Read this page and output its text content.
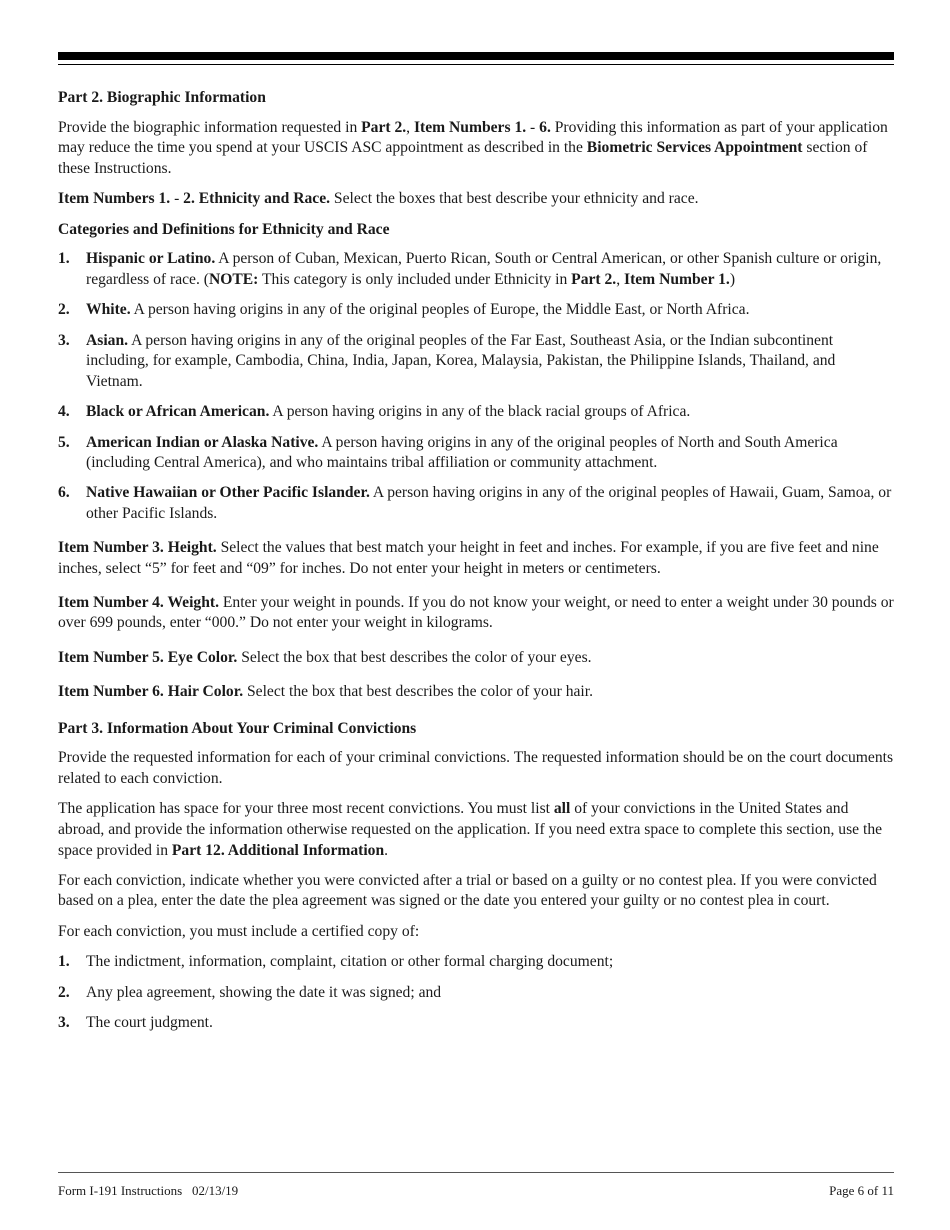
Part 2. Biographic Information
Provide the biographic information requested in Part 2., Item Numbers 1. - 6. Providing this information as part of your application may reduce the time you spend at your USCIS ASC appointment as described in the Biometric Services Appointment section of these Instructions.
Item Numbers 1. - 2. Ethnicity and Race. Select the boxes that best describe your ethnicity and race.
Categories and Definitions for Ethnicity and Race
1.	Hispanic or Latino. A person of Cuban, Mexican, Puerto Rican, South or Central American, or other Spanish culture or origin, regardless of race. (NOTE: This category is only included under Ethnicity in Part 2., Item Number 1.)
2.	White. A person having origins in any of the original peoples of Europe, the Middle East, or North Africa.
3.	Asian. A person having origins in any of the original peoples of the Far East, Southeast Asia, or the Indian subcontinent including, for example, Cambodia, China, India, Japan, Korea, Malaysia, Pakistan, the Philippine Islands, Thailand, and Vietnam.
4.	Black or African American. A person having origins in any of the black racial groups of Africa.
5.	American Indian or Alaska Native. A person having origins in any of the original peoples of North and South America (including Central America), and who maintains tribal affiliation or community attachment.
6.	Native Hawaiian or Other Pacific Islander. A person having origins in any of the original peoples of Hawaii, Guam, Samoa, or other Pacific Islands.
Item Number 3. Height. Select the values that best match your height in feet and inches. For example, if you are five feet and nine inches, select “5” for feet and “09” for inches. Do not enter your height in meters or centimeters.
Item Number 4. Weight. Enter your weight in pounds. If you do not know your weight, or need to enter a weight under 30 pounds or over 699 pounds, enter “000.” Do not enter your weight in kilograms.
Item Number 5. Eye Color. Select the box that best describes the color of your eyes.
Item Number 6. Hair Color. Select the box that best describes the color of your hair.
Part 3. Information About Your Criminal Convictions
Provide the requested information for each of your criminal convictions. The requested information should be on the court documents related to each conviction.
The application has space for your three most recent convictions. You must list all of your convictions in the United States and abroad, and provide the information otherwise requested on the application. If you need extra space to complete this section, use the space provided in Part 12. Additional Information.
For each conviction, indicate whether you were convicted after a trial or based on a guilty or no contest plea. If you were convicted based on a plea, enter the date the plea agreement was signed or the date you entered your guilty or no contest plea in court.
For each conviction, you must include a certified copy of:
1.	The indictment, information, complaint, citation or other formal charging document;
2.	Any plea agreement, showing the date it was signed; and
3.	The court judgment.
Form I-191 Instructions   02/13/19	Page 6 of 11
